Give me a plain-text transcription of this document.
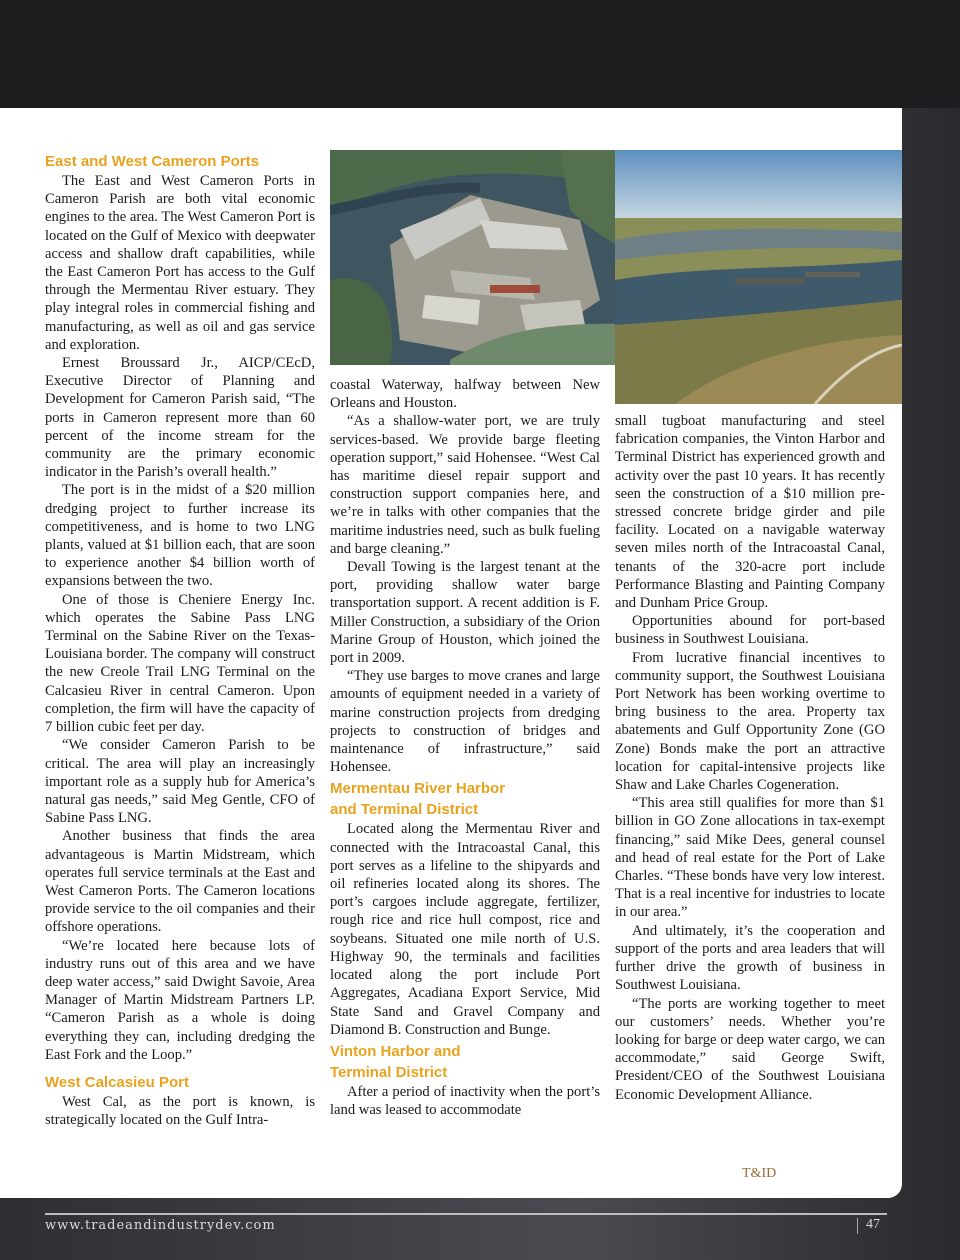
East and West Cameron Ports

The East and West Cameron Ports in Cameron Parish are both vital economic engines to the area. The West Cameron Port is located on the Gulf of Mexico with deepwater access and shallow draft capabilities, while the East Cameron Port has access to the Gulf through the Mermentau River estuary. They play integral roles in commercial fishing and manufacturing, as well as oil and gas service and exploration.

Ernest Broussard Jr., AICP/CEcD, Executive Director of Planning and Development for Cameron Parish said, “The ports in Cameron represent more than 60 percent of the income stream for the community are the primary economic indicator in the Parish’s overall health.”

The port is in the midst of a $20 million dredging project to further increase its competitiveness, and is home to two LNG plants, valued at $1 billion each, that are soon to experience another $4 billion worth of expansions between the two.

One of those is Cheniere Energy Inc. which operates the Sabine Pass LNG Terminal on the Sabine River on the Texas-Louisiana border. The company will construct the new Creole Trail LNG Terminal on the Calcasieu River in central Cameron. Upon completion, the firm will have the capacity of 7 billion cubic feet per day.

“We consider Cameron Parish to be critical. The area will play an increasingly important role as a supply hub for America’s natural gas needs,” said Meg Gentle, CFO of Sabine Pass LNG.

Another business that finds the area advantageous is Martin Midstream, which operates full service terminals at the East and West Cameron Ports. The Cameron locations provide service to the oil companies and their offshore operations.

“We’re located here because lots of industry runs out of this area and we have deep water access,” said Dwight Savoie, Area Manager of Martin Midstream Partners LP. “Cameron Parish as a whole is doing everything they can, including dredging the East Fork and the Loop.”

West Calcasieu Port

West Cal, as the port is known, is strategically located on the Gulf Intra-

coastal Waterway, halfway between New Orleans and Houston.

“As a shallow-water port, we are truly services-based. We provide barge fleeting operation support,” said Hohensee. “West Cal has maritime diesel repair support and construction support companies here, and we’re in talks with other companies that the maritime industries need, such as bulk fueling and barge cleaning.”

Devall Towing is the largest tenant at the port, providing shallow water barge transportation support. A recent addition is F. Miller Construction, a subsidiary of the Orion Marine Group of Houston, which joined the port in 2009.

“They use barges to move cranes and large amounts of equipment needed in a variety of marine construction projects from dredging projects to construction of bridges and maintenance of infrastructure,” said Hohensee.

Mermentau River Harbor
and Terminal District

Located along the Mermentau River and connected with the Intracoastal Canal, this port serves as a lifeline to the shipyards and oil refineries located along its shores. The port’s cargoes include aggregate, fertilizer, rough rice and rice hull compost, rice and soybeans. Situated one mile north of U.S. Highway 90, the terminals and facilities located along the port include Port Aggregates, Acadiana Export Service, Mid State Sand and Gravel Company and Diamond B. Construction and Bunge.

Vinton Harbor and
Terminal District

After a period of inactivity when the port’s land was leased to accommodate

small tugboat manufacturing and steel fabrication companies, the Vinton Harbor and Terminal District has experienced growth and activity over the past 10 years. It has recently seen the construction of a $10 million pre-stressed concrete bridge girder and pile facility. Located on a navigable waterway seven miles north of the Intracoastal Canal, tenants of the 320-acre port include Performance Blasting and Painting Company and Dunham Price Group.

Opportunities abound for port-based business in Southwest Louisiana.

From lucrative financial incentives to community support, the Southwest Louisiana Port Network has been working overtime to bring business to the area. Property tax abatements and Gulf Opportunity Zone (GO Zone) Bonds make the port an attractive location for capital-intensive projects like Shaw and Lake Charles Cogeneration.

“This area still qualifies for more than $1 billion in GO Zone allocations in tax-exempt financing,” said Mike Dees, general counsel and head of real estate for the Port of Lake Charles. “These bonds have very low interest. That is a real incentive for industries to locate in our area.”

And ultimately, it’s the cooperation and support of the ports and area leaders that will further drive the growth of business in Southwest Louisiana.

“The ports are working together to meet our customers’ needs. Whether you’re looking for barge or deep water cargo, we can accommodate,” said George Swift, President/CEO of the Southwest Louisiana Economic Development Alliance.

T&ID
www.tradeandindustrydev.com	47
